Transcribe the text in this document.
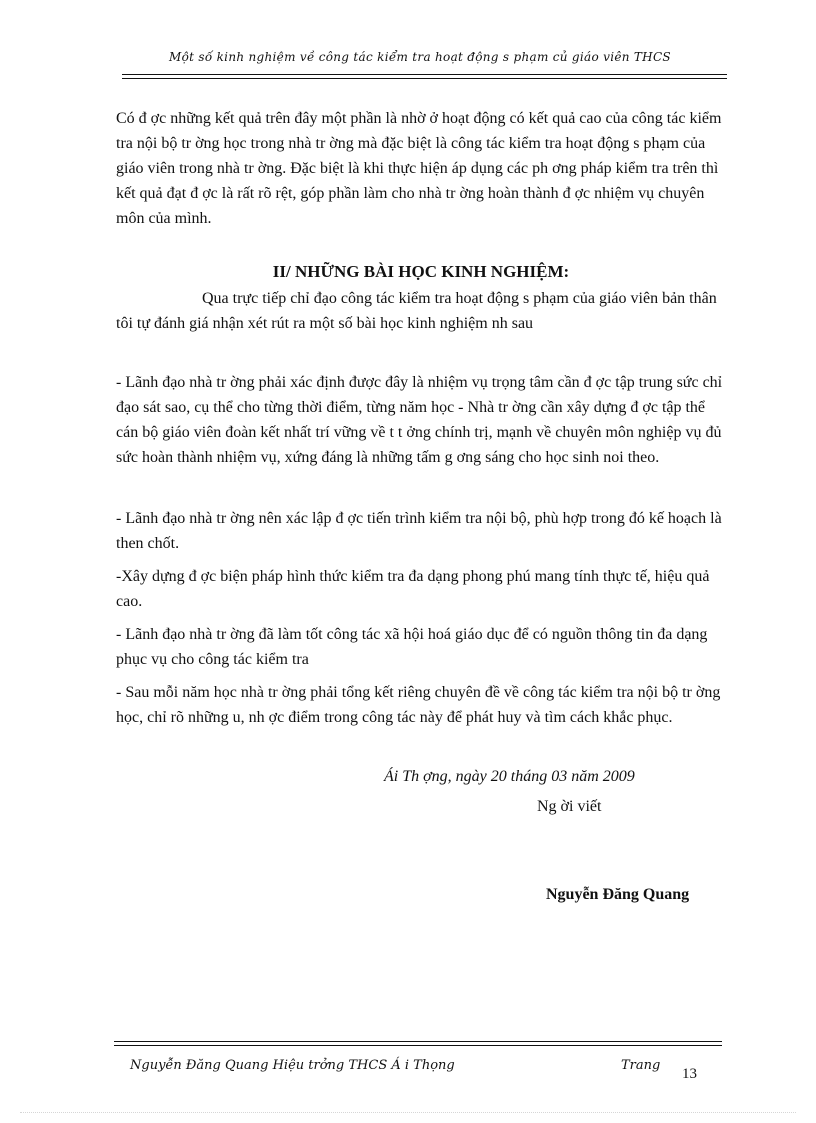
Một số kinh nghiệm về công tác kiểm tra hoạt động s phạm củ giáo viên THCS

Có đ ợc những kết quả trên đây một phần là nhờ ở hoạt động có kết quả cao của công tác kiểm tra nội bộ tr ờng học trong nhà tr ờng mà đặc biệt là công tác kiểm tra hoạt động s phạm của giáo viên trong nhà tr ờng. Đặc biệt là khi thực hiện áp dụng các ph ơng pháp kiểm tra trên thì kết quả đạt đ ợc là rất rõ rệt, góp phần làm cho nhà tr ờng hoàn thành đ ợc nhiệm vụ chuyên môn của mình.

II/ NHỮNG BÀI HỌC KINH NGHIỆM:

Qua trực tiếp chỉ đạo công tác kiểm tra hoạt động s phạm của giáo viên bản thân tôi tự đánh giá nhận xét rút ra một số bài học kinh nghiệm nh sau

- Lãnh đạo nhà tr ờng phải xác định được đây là nhiệm vụ trọng tâm cần đ ợc tập trung sức chỉ đạo sát sao, cụ thể cho từng thời điểm, từng năm học - Nhà tr ờng cần xây dựng đ ợc tập thể cán bộ giáo viên đoàn kết nhất trí vững về t t ởng chính trị, mạnh về chuyên môn nghiệp vụ đủ sức hoàn thành nhiệm vụ, xứng đáng là những tấm g ơng sáng cho học sinh noi theo.

- Lãnh đạo nhà tr ờng nên xác lập đ ợc tiến trình kiểm tra nội bộ, phù hợp trong đó kế hoạch là then chốt.

-Xây dựng đ ợc biện pháp hình thức kiểm tra đa dạng phong phú mang tính thực tế, hiệu quả cao.

- Lãnh đạo nhà tr ờng đã làm tốt công tác xã hội hoá giáo dục để có nguồn thông tin đa dạng phục vụ cho công tác kiểm tra

- Sau mỗi năm học nhà tr ờng phải tổng kết riêng chuyên đề về công tác kiểm tra nội bộ tr ờng học, chỉ rõ những u, nh ợc điểm trong công tác này để phát huy và tìm cách khắc phục.

Ái Th ợng, ngày 20 tháng 03 năm 2009

Ng ời viết

Nguyễn Đăng Quang

Nguyễn Đăng Quang Hiệu trởng THCS Á i Thọng	Trang
13
